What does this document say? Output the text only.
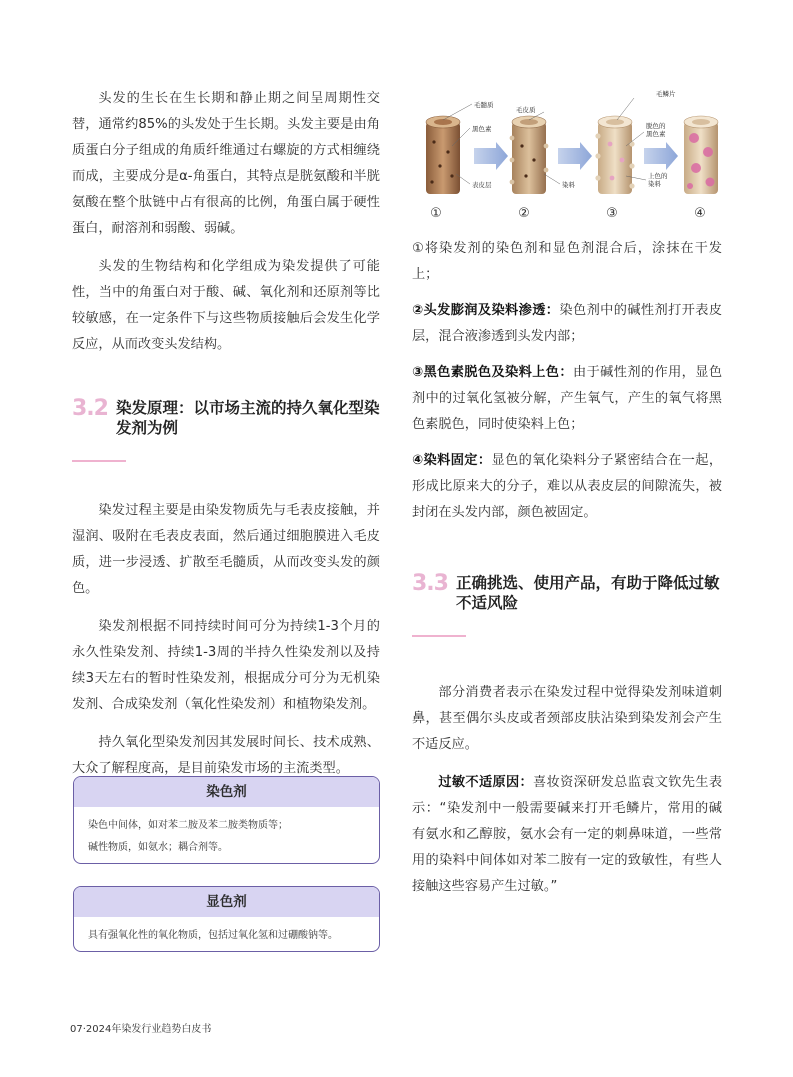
头发的生长在生长期和静止期之间呈周期性交替，通常约85%的头发处于生长期。头发主要是由角质蛋白分子组成的角质纤维通过右螺旋的方式相缠绕而成，主要成分是α-角蛋白，其特点是胱氨酸和半胱氨酸在整个肽链中占有很高的比例，角蛋白属于硬性蛋白，耐溶剂和弱酸、弱碱。

头发的生物结构和化学组成为染发提供了可能性，当中的角蛋白对于酸、碱、氧化剂和还原剂等比较敏感，在一定条件下与这些物质接触后会发生化学反应，从而改变头发结构。

3.2 染发原理：以市场主流的持久氧化型染发剂为例

染发过程主要是由染发物质先与毛表皮接触，并湿润、吸附在毛表皮表面，然后通过细胞膜进入毛皮质，进一步浸透、扩散至毛髓质，从而改变头发的颜色。

染发剂根据不同持续时间可分为持续1-3个月的永久性染发剂、持续1-3周的半持久性染发剂以及持续3天左右的暂时性染发剂，根据成分可分为无机染发剂、合成染发剂（氧化性染发剂）和植物染发剂。

持久氧化型染发剂因其发展时间长、技术成熟、大众了解程度高，是目前染发市场的主流类型。

染色剂
染色中间体，如对苯二胺及苯二胺类物质等；
碱性物质，如氨水；耦合剂等。
显色剂
具有强氧化性的氧化物质，包括过氧化氢和过硼酸钠等。
毛髓质
黑色素
表皮层
毛皮质
染料
毛鳞片
脱色的
黑色素
上色的
染料
①	②	③	④

①将染发剂的染色剂和显色剂混合后，涂抹在干发上；

②头发膨润及染料渗透：染色剂中的碱性剂打开表皮层，混合液渗透到头发内部；

③黑色素脱色及染料上色：由于碱性剂的作用，显色剂中的过氧化氢被分解，产生氧气，产生的氧气将黑色素脱色，同时使染料上色；

④染料固定：显色的氧化染料分子紧密结合在一起，形成比原来大的分子，难以从表皮层的间隙流失，被封闭在头发内部，颜色被固定。

3.3 正确挑选、使用产品，有助于降低过敏不适风险

部分消费者表示在染发过程中觉得染发剂味道刺鼻，甚至偶尔头皮或者颈部皮肤沾染到染发剂会产生不适反应。

过敏不适原因：喜妆资深研发总监袁文钦先生表示：“染发剂中一般需要碱来打开毛鳞片，常用的碱有氨水和乙醇胺，氨水会有一定的刺鼻味道，一些常用的染料中间体如对苯二胺有一定的致敏性，有些人接触这些容易产生过敏。”

07·2024年染发行业趋势白皮书
